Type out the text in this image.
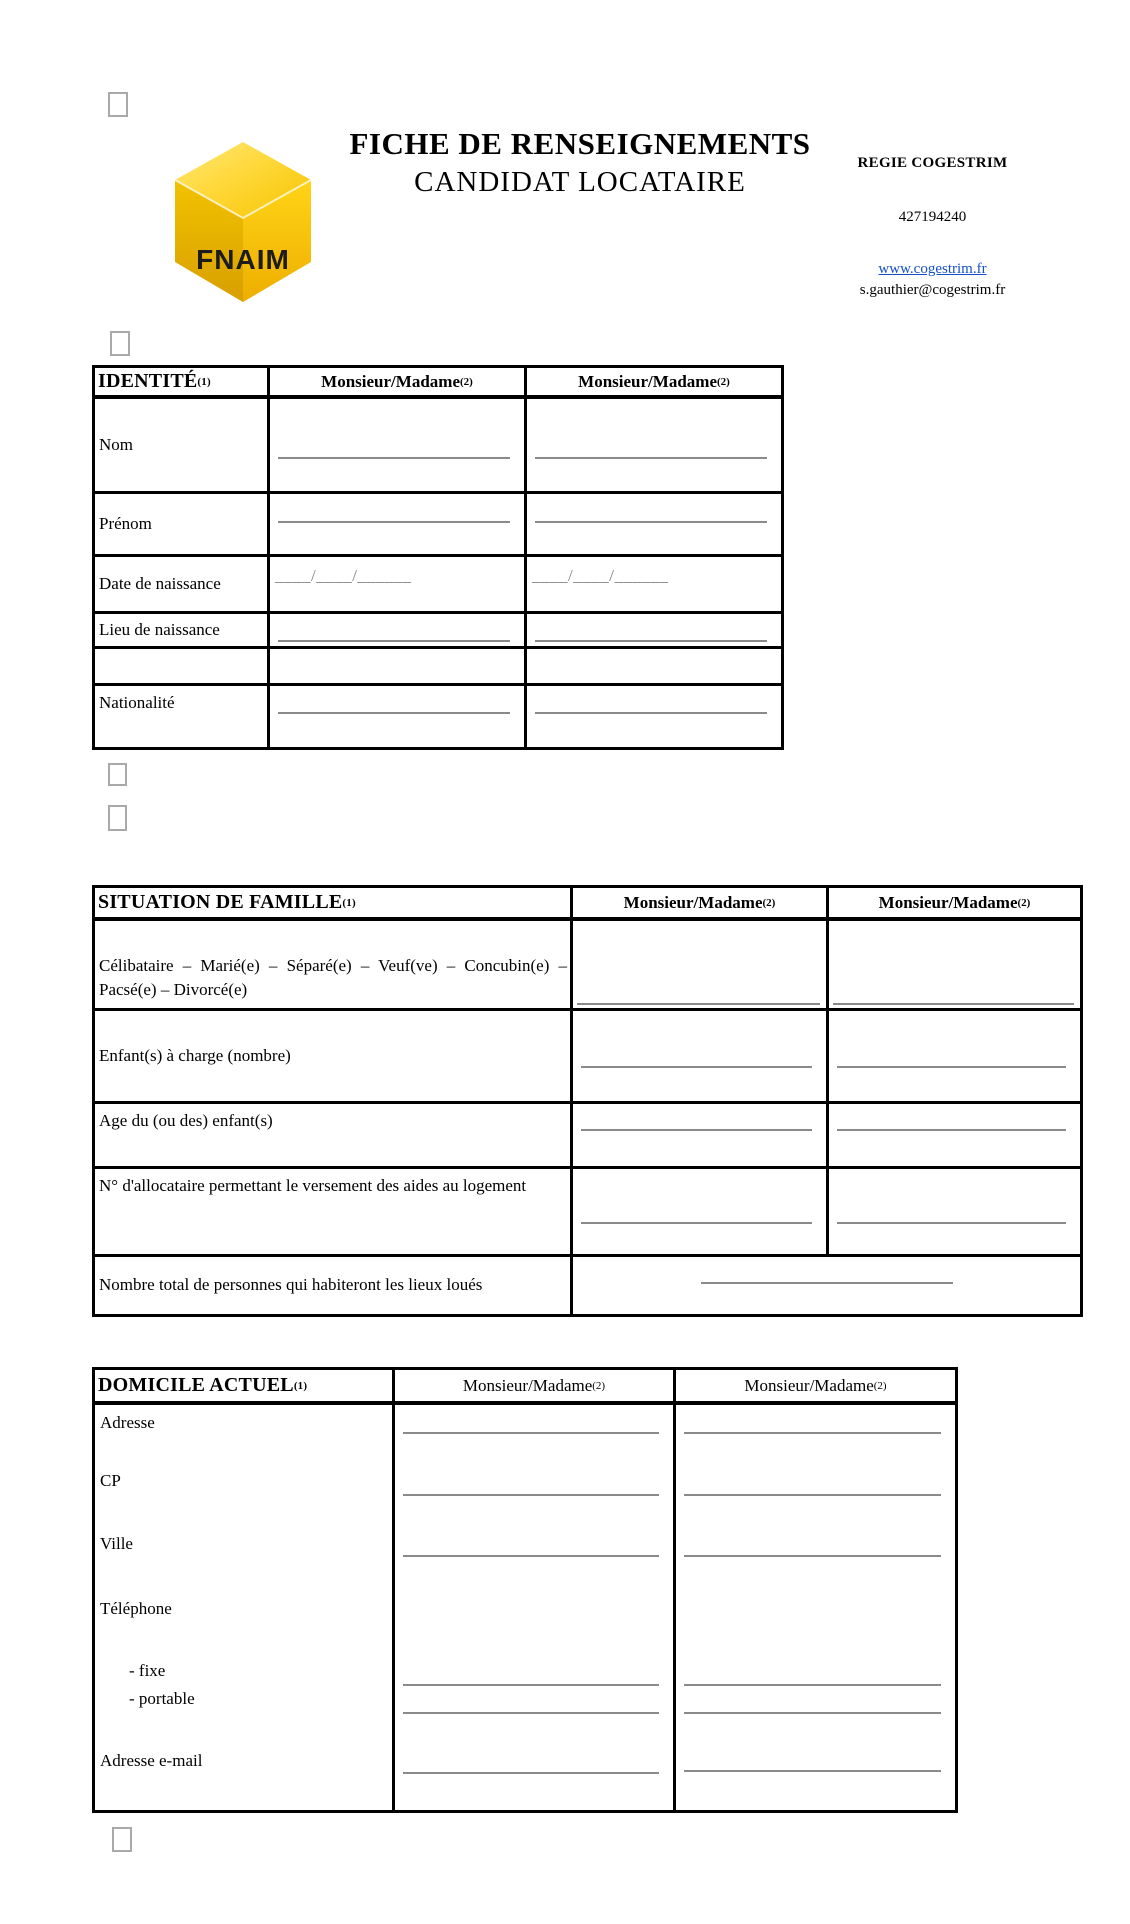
FNAIM
FICHE DE RENSEIGNEMENTS
CANDIDAT LOCATAIRE
REGIE COGESTRIM
427194240
www.cogestrim.fr
s.gauthier@cogestrim.fr
IDENTITÉ (1)	Monsieur/Madame (2)	Monsieur/Madame (2)
Nom
Prénom
Date de naissance	____/____/______	____/____/______
Lieu de naissance
Nationalité
SITUATION DE FAMILLE (1)	Monsieur/Madame (2)	Monsieur/Madame (2)
Célibataire – Marié(e) – Séparé(e) – Veuf(ve) – Concubin(e) – Pacsé(e) – Divorcé(e)
Enfant(s) à charge (nombre)
Age du (ou des) enfant(s)
N° d'allocataire permettant le versement des aides au logement
Nombre total de personnes qui habiteront les lieux loués
DOMICILE ACTUEL (1)	Monsieur/Madame (2)	Monsieur/Madame (2)
Adresse
CP
Ville
Téléphone
- fixe
- portable
Adresse e-mail
